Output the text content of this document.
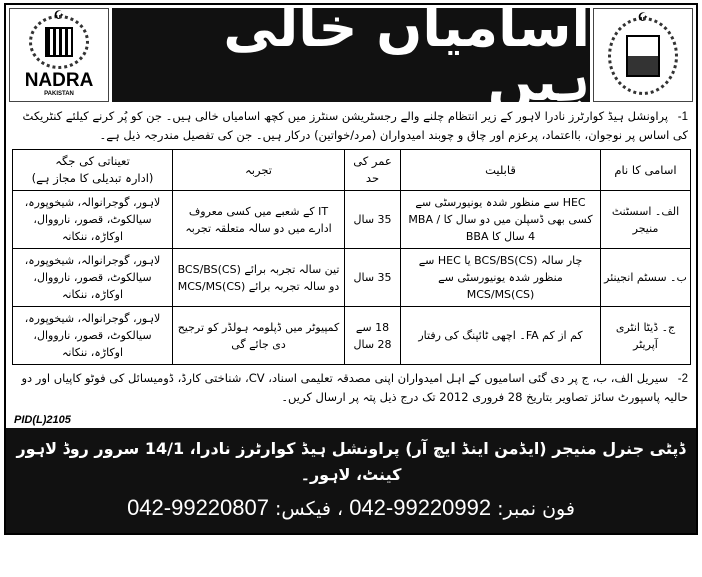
☪
NADRA
PAKISTAN
اسامیاں خالی ہیں
☪
1- پراونشل ہیڈ کوارٹرز نادرا لاہور کے زیر انتظام چلنے والے رجسٹریشن سنٹرز میں کچھ اسامیاں خالی ہیں۔ جن کو پُر کرنے کیلئے کنٹریکٹ کی اساس پر نوجوان، بااعتماد، پرعزم اور چاق و چوبند امیدواران (مرد/خواتین) درکار ہیں۔ جن کی تفصیل مندرجہ ذیل ہے۔
اسامی کا نام	قابلیت	عمر کی حد	تجربہ	تعیناتی کی جگہ
(ادارہ تبدیلی کا مجاز ہے)

الف۔ اسسٹنٹ منیجر	HEC سے منظور شدہ یونیورسٹی سے کسی بھی ڈسپلن میں دو سال کا MBA / 4 سال کا BBA	35 سال	IT کے شعبے میں کسی معروف ادارے میں دو سالہ متعلقہ تجربہ	لاہور، گوجرانوالہ، شیخوپورہ، سیالکوٹ، قصور، نارووال، اوکاڑہ، ننکانہ
ب۔ سسٹم انجینئر	چار سالہ BCS/BS(CS) یا HEC سے منظور شدہ یونیورسٹی سے MCS/MS(CS)	35 سال	تین سالہ تجربہ برائے BCS/BS(CS) دو سالہ تجربہ برائے MCS/MS(CS)	لاہور، گوجرانوالہ، شیخوپورہ، سیالکوٹ، قصور، نارووال، اوکاڑہ، ننکانہ
ج۔ ڈیٹا انٹری آپریٹر	کم از کم FA۔ اچھی ٹائپنگ کی رفتار	18 سے 28 سال	کمپیوٹر میں ڈپلومہ ہولڈر کو ترجیح دی جائے گی	لاہور، گوجرانوالہ، شیخوپورہ، سیالکوٹ، قصور، نارووال، اوکاڑہ، ننکانہ
2- سیریل الف، ب، ج پر دی گئی اسامیوں کے اہل امیدواران اپنی مصدقہ تعلیمی اسناد، CV، شناختی کارڈ، ڈومیسائل کی فوٹو کاپیاں اور دو حالیہ پاسپورٹ سائز تصاویر بتاریخ 28 فروری 2012 تک درج ذیل پتہ پر ارسال کریں۔
PID(L)2105
ڈپٹی جنرل منیجر (ایڈمن اینڈ ایچ آر) پراونشل ہیڈ کوارٹرز نادرا، 14/1 سرور روڈ لاہور کینٹ، لاہور۔
فون نمبر: 042-99220992 ، فیکس: 042-99220807
